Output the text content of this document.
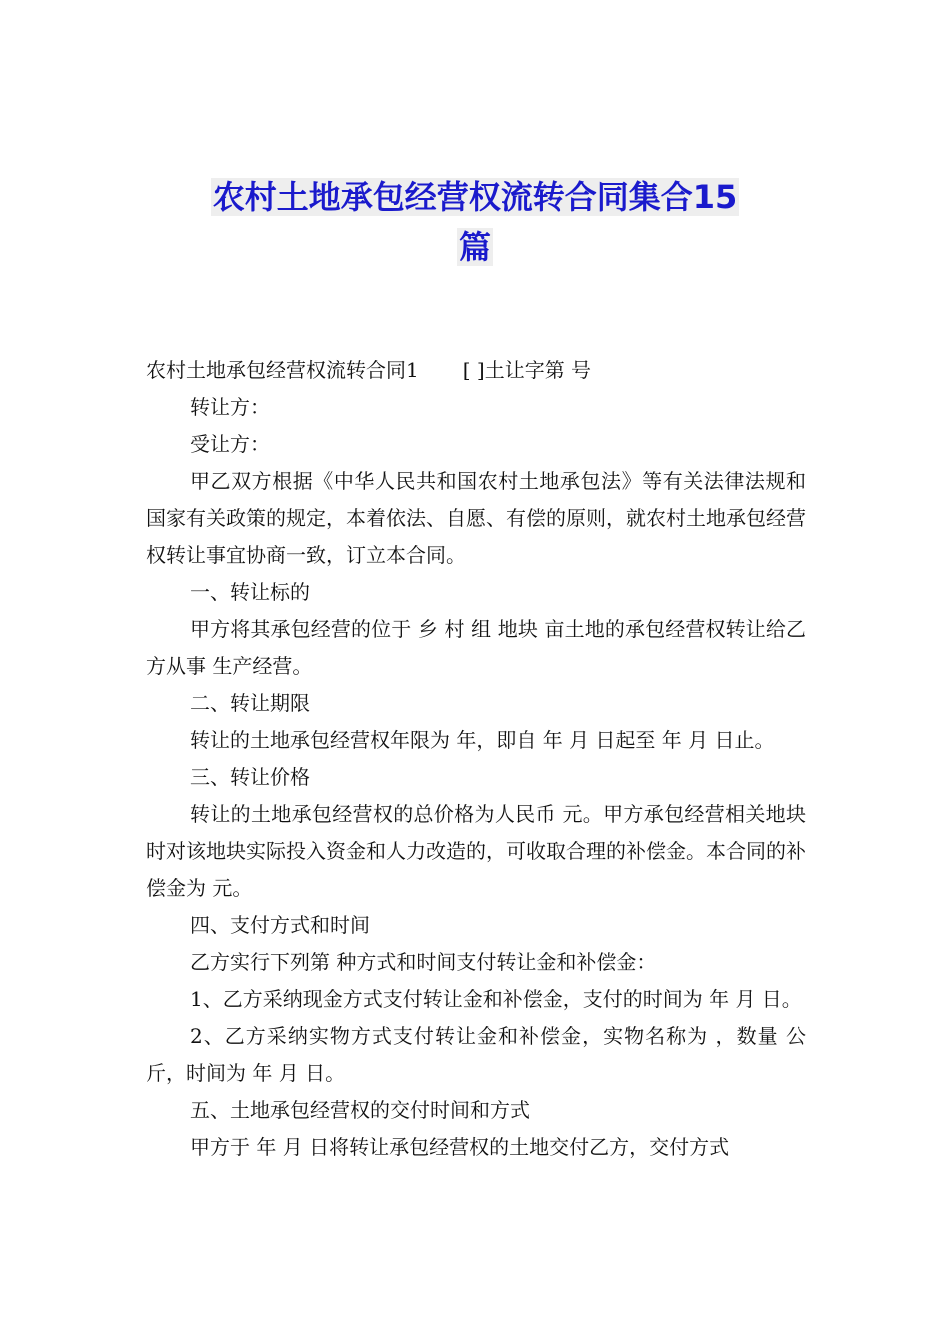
农村土地承包经营权流转合同集合15
篇

农村土地承包经营权流转合同1 [ ]土让字第 号

转让方：

受让方：

甲乙双方根据《中华人民共和国农村土地承包法》等有关法律法规和国家有关政策的规定，本着依法、自愿、有偿的原则，就农村土地承包经营权转让事宜协商一致，订立本合同。

一、转让标的

甲方将其承包经营的位于 乡 村 组 地块 亩土地的承包经营权转让给乙方从事 生产经营。

二、转让期限

转让的土地承包经营权年限为 年，即自 年 月 日起至 年 月 日止。

三、转让价格

转让的土地承包经营权的总价格为人民币 元。甲方承包经营相关地块时对该地块实际投入资金和人力改造的，可收取合理的补偿金。本合同的补偿金为 元。

四、支付方式和时间

乙方实行下列第 种方式和时间支付转让金和补偿金：

1、乙方采纳现金方式支付转让金和补偿金，支付的时间为 年 月 日。

2、乙方采纳实物方式支付转让金和补偿金，实物名称为 ，数量 公斤，时间为 年 月 日。

五、土地承包经营权的交付时间和方式

甲方于 年 月 日将转让承包经营权的土地交付乙方，交付方式
